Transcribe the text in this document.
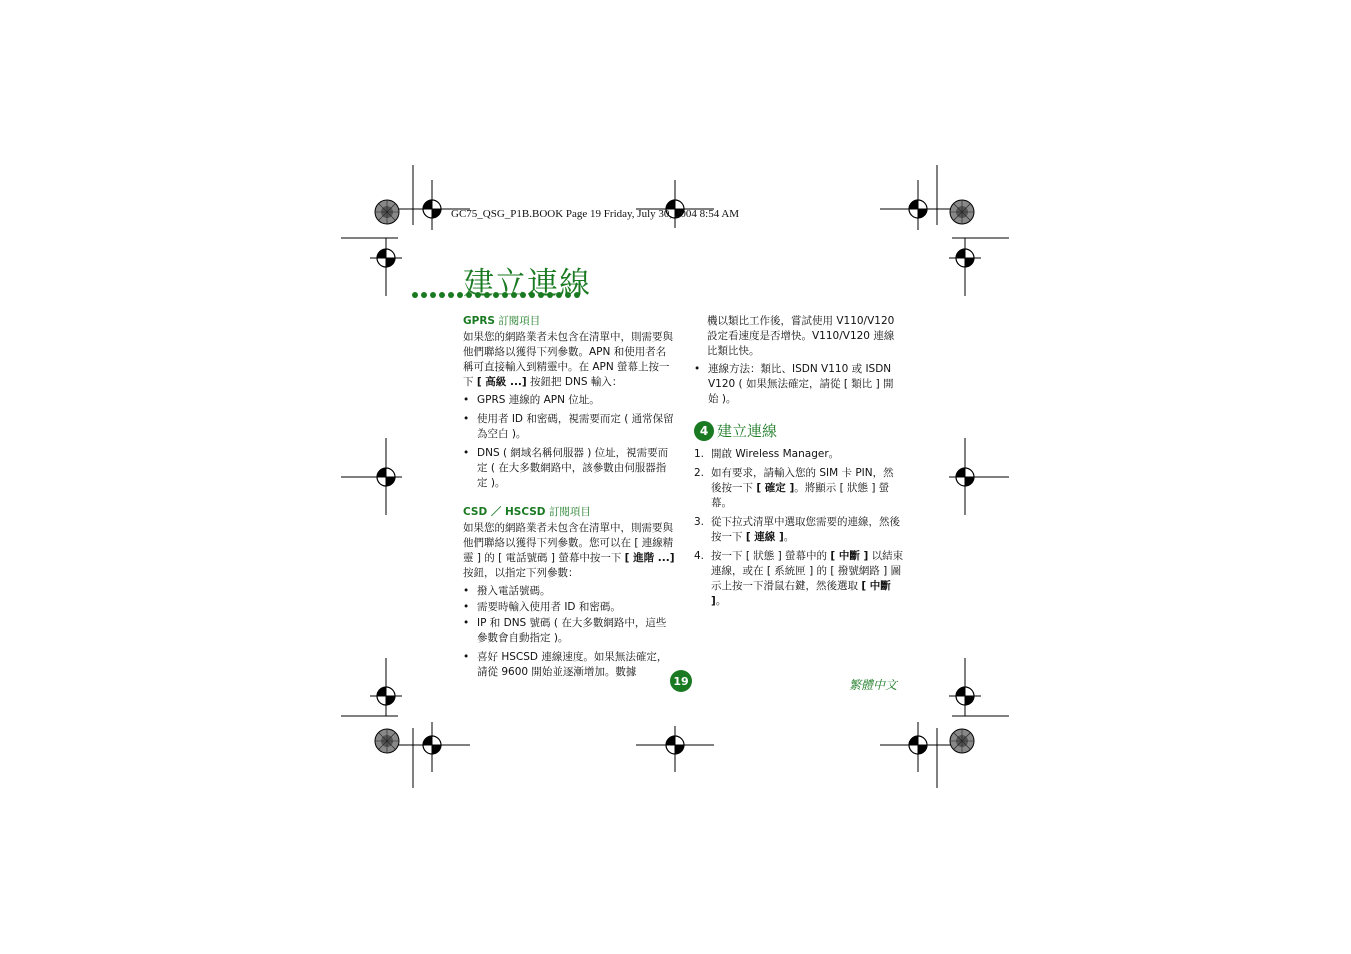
GC75_QSG_P1B.BOOK Page 19 Friday, July 30, 2004 8:54 AM
建立連線
GPRS 訂閱項目

如果您的網路業者未包含在清單中，則需要與他們聯絡以獲得下列參數。APN 和使用者名稱可直接輸入到精靈中。在 APN 螢幕上按一下 [ 高級 ...] 按鈕把 DNS 輸入：

• GPRS 連線的 APN 位址。
• 使用者 ID 和密碼，視需要而定 ( 通常保留為空白 )。
• DNS ( 網域名稱伺服器 ) 位址，視需要而定 ( 在大多數網路中，該參數由伺服器指定 )。
CSD ／ HSCSD 訂閱項目

如果您的網路業者未包含在清單中，則需要與他們聯絡以獲得下列參數。您可以在 [ 連線精靈 ] 的 [ 電話號碼 ] 螢幕中按一下 [ 進階 ...] 按鈕，以指定下列參數：

• 撥入電話號碼。
• 需要時輸入使用者 ID 和密碼。
• IP 和 DNS 號碼 ( 在大多數網路中，這些參數會自動指定 )。
• 喜好 HSCSD 連線速度。如果無法確定，請從 9600 開始並逐漸增加。數據

機以類比工作後，嘗試使用 V110/V120 設定看速度是否增快。V110/V120 連線比類比快。

• 連線方法：類比、ISDN V110 或 ISDN V120 ( 如果無法確定，請從 [ 類比 ] 開始 )。
4 建立連線
1. 開啟 Wireless Manager。
2. 如有要求，請輸入您的 SIM 卡 PIN，然後按一下 [ 確定 ]。將顯示 [ 狀態 ] 螢幕。
3. 從下拉式清單中選取您需要的連線，然後按一下 [ 連線 ]。
4. 按一下 [ 狀態 ] 螢幕中的 [ 中斷 ] 以結束連線，或在 [ 系統匣 ] 的 [ 撥號網路 ] 圖示上按一下滑鼠右鍵，然後選取 [ 中斷 ]。
19	繁體中文
